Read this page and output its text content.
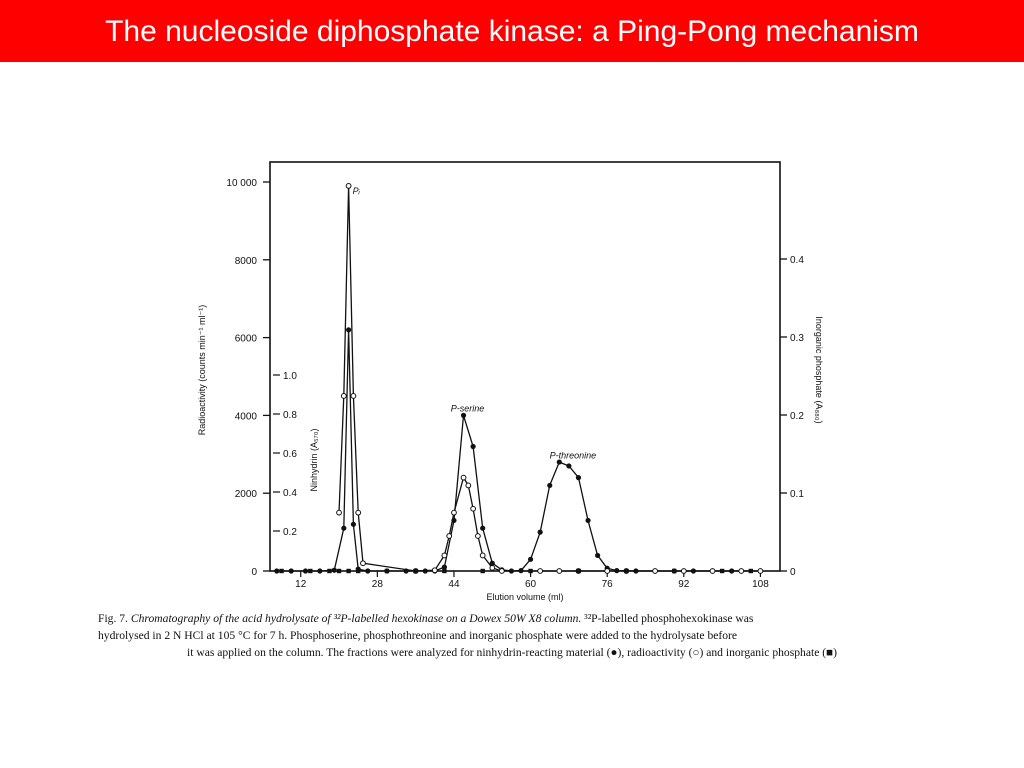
The nucleoside diphosphate kinase: a Ping-Pong mechanism
0
2000
4000
6000
8000
10 000
Radioactivity (counts min⁻¹ ml⁻¹)
0.2
0.4
0.6
0.8
1.0
Ninhydrin (A₅₇₀)
0
0.1
0.2
0.3
0.4
Inorganic phosphate (A₈₈₀)
12	28	44	60	76	92	108
Elution volume (ml)
Pᵢ
P-serine
P-threonine

Fig. 7. Chromatography of the acid hydrolysate of ³²P-labelled hexokinase on a Dowex 50W X8 column. ³²P-labelled phosphohexokinase was

hydrolysed in 2 N HCl at 105 °C for 7 h. Phosphoserine, phosphothreonine and inorganic phosphate were added to the hydrolysate before

it was applied on the column. The fractions were analyzed for ninhydrin-reacting material (●), radioactivity (○) and inorganic phosphate (■)
